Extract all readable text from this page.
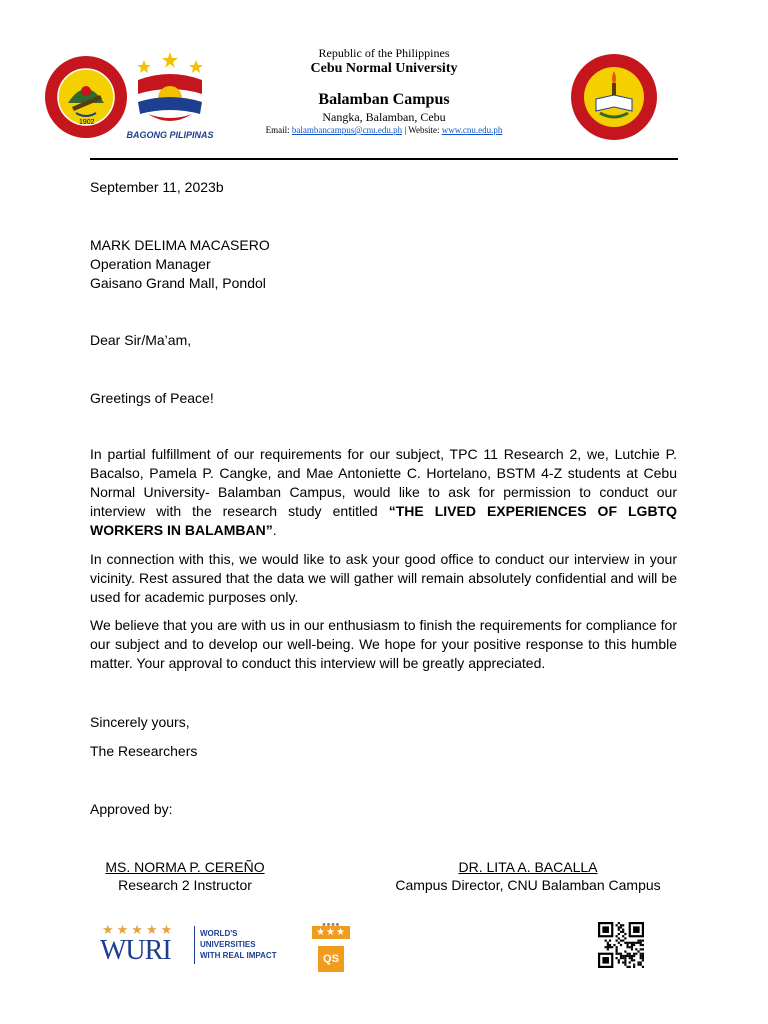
1902
BAGONG PILIPINAS
Republic of the Philippines
Cebu Normal University
Balamban Campus
Nangka, Balamban, Cebu
Email: balambancampus@cnu.edu.ph | Website: www.cnu.edu.ph
September 11, 2023b
MARK DELIMA MACASERO
Operation Manager
Gaisano Grand Mall, Pondol
Dear Sir/Ma’am,
Greetings of Peace!
In partial fulfillment of our requirements for our subject, TPC 11 Research 2, we, Lutchie P. Bacalso, Pamela P. Cangke, and Mae Antoniette C. Hortelano, BSTM 4-Z students at Cebu Normal University- Balamban Campus, would like to ask for permission to conduct our interview with the research study entitled “THE LIVED EXPERIENCES OF LGBTQ WORKERS IN BALAMBAN”.
In connection with this, we would like to ask your good office to conduct our interview in your vicinity. Rest assured that the data we will gather will remain absolutely confidential and will be used for academic purposes only.
We believe that you are with us in our enthusiasm to finish the requirements for compliance for our subject and to develop our well-being. We hope for your positive response to this humble matter. Your approval to conduct this interview will be greatly appreciated.
Sincerely yours,
The Researchers
Approved by:
MS. NORMA P. CEREÑO
Research 2 Instructor
DR. LITA A. BACALLA
Campus Director, CNU Balamban Campus
★★★★★
WURI
WORLD'S
UNIVERSITIES
WITH REAL IMPACT
★★★
QS
